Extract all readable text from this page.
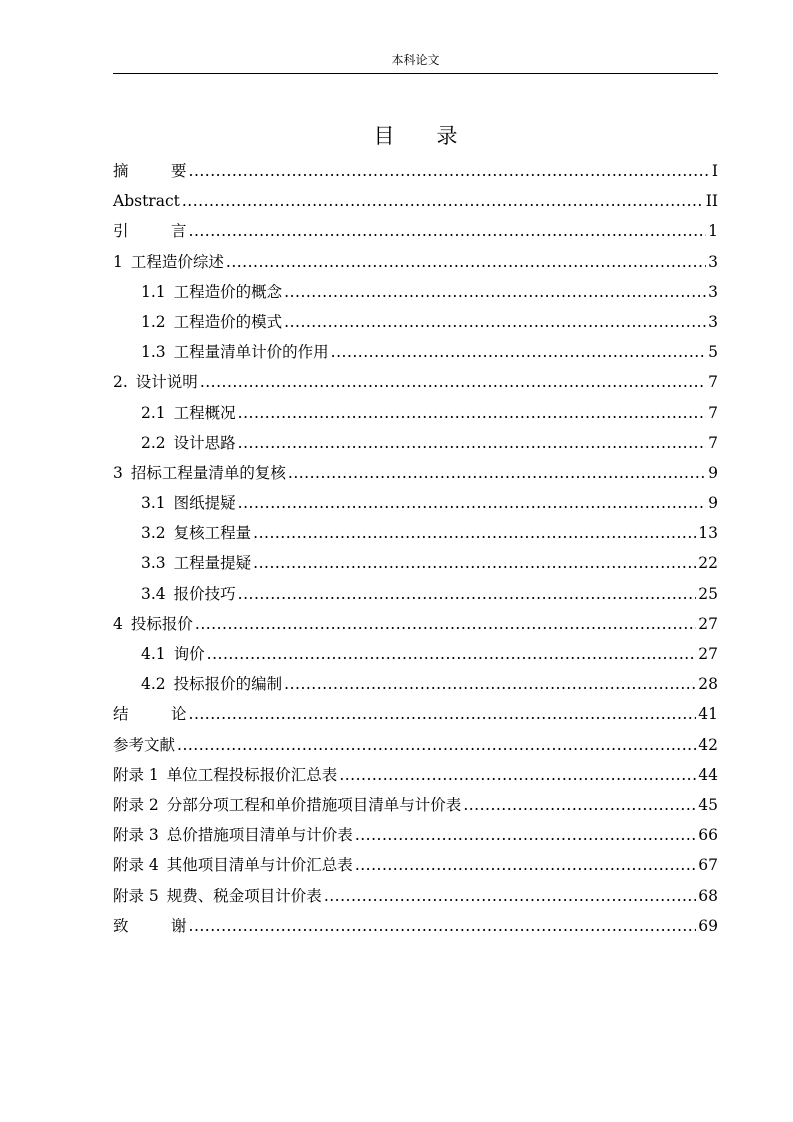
本科论文
目 录
摘	要 .....	I
Abstract .....	II
引	言 .....	1
1 工程造价综述 .....	3
1.1 工程造价的概念 .....	3
1.2 工程造价的模式 .....	3
1.3 工程量清单计价的作用 .....	5
2. 设计说明 .....	7
2.1 工程概况 .....	7
2.2 设计思路 .....	7
3 招标工程量清单的复核 .....	9
3.1 图纸提疑 .....	9
3.2 复核工程量 .....	13
3.3 工程量提疑 .....	22
3.4 报价技巧 .....	25
4 投标报价 .....	27
4.1 询价 .....	27
4.2 投标报价的编制 .....	28
结	论 .....	41
参考文献 .....	42
附录 1 单位工程投标报价汇总表 .....	44
附录 2 分部分项工程和单价措施项目清单与计价表 .....	45
附录 3 总价措施项目清单与计价表 .....	66
附录 4 其他项目清单与计价汇总表 .....	67
附录 5 规费、税金项目计价表 .....	68
致	谢 .....	69
